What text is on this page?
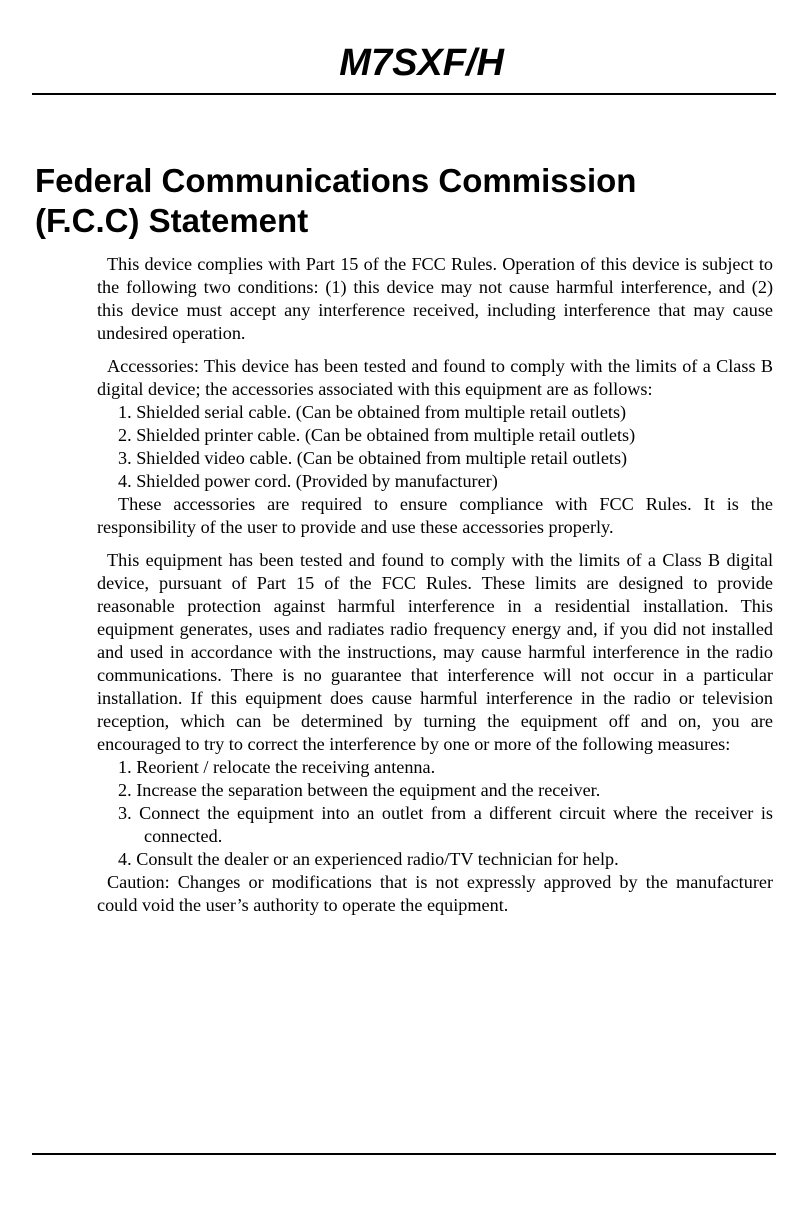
M7SXF/H
Federal Communications Commission
(F.C.C) Statement

This device complies with Part 15 of the FCC Rules. Operation of this device is subject to the following two conditions: (1) this device may not cause harmful interference, and (2) this device must accept any interference received, including interference that may cause undesired operation.

Accessories: This device has been tested and found to comply with the limits of a Class B digital device; the accessories associated with this equipment are as follows:

1. Shielded serial cable. (Can be obtained from multiple retail outlets)
2. Shielded printer cable. (Can be obtained from multiple retail outlets)
3. Shielded video cable. (Can be obtained from multiple retail outlets)
4. Shielded power cord. (Provided by manufacturer)

These accessories are required to ensure compliance with FCC Rules. It is the responsibility of the user to provide and use these accessories properly.

This equipment has been tested and found to comply with the limits of a Class B digital device, pursuant of Part 15 of the FCC Rules. These limits are designed to provide reasonable protection against harmful interference in a residential installation. This equipment generates, uses and radiates radio frequency energy and, if you did not installed and used in accordance with the instructions, may cause harmful interference in the radio communications. There is no guarantee that interference will not occur in a particular installation. If this equipment does cause harmful interference in the radio or television reception, which can be determined by turning the equipment off and on, you are encouraged to try to correct the interference by one or more of the following measures:

1. Reorient / relocate the receiving antenna.
2. Increase the separation between the equipment and the receiver.
3. Connect the equipment into an outlet from a different circuit where the receiver is connected.
4. Consult the dealer or an experienced radio/TV technician for help.

Caution: Changes or modifications that is not expressly approved by the manufacturer could void the user’s authority to operate the equipment.
